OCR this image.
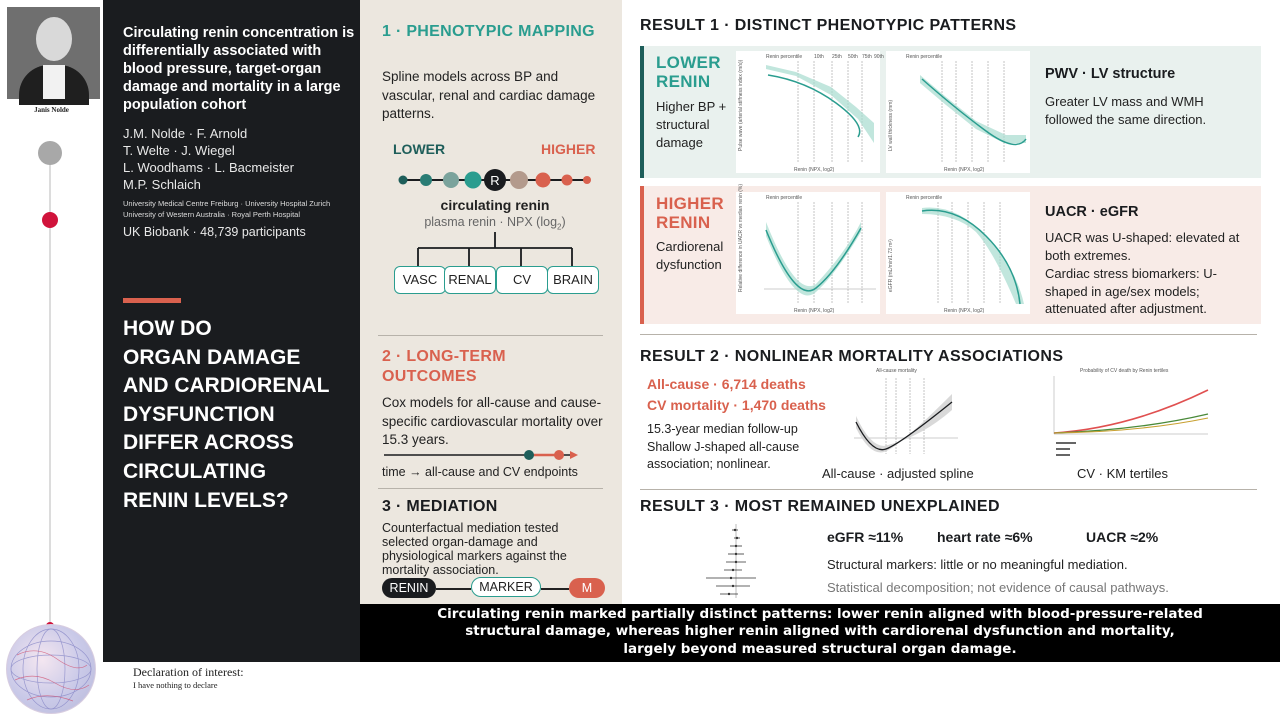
Janis Nolde
Circulating renin concentration is differentially associated with blood pressure, target-organ damage and mortality in a large population cohort
J.M. Nolde · F. Arnold
T. Welte · J. Wiegel
L. Woodhams · L. Bacmeister
M.P. Schlaich
University Medical Centre Freiburg · University Hospital Zurich
University of Western Australia · Royal Perth Hospital
UK Biobank · 48,739 participants
HOW DO
ORGAN DAMAGE
AND CARDIORENAL
DYSFUNCTION
DIFFER ACROSS
CIRCULATING
RENIN LEVELS?
1 · PHENOTYPIC MAPPING
Spline models across BP and vascular, renal and cardiac damage patterns.
LOWER	HIGHER
R
circulating renin
plasma renin · NPX $(\log_2)$
VASC RENAL	CV	BRAIN
2 · LONG-TERM OUTCOMES
Cox models for all-cause and cause-specific cardiovascular mortality over 15.3 years.
time → all-cause and CV endpoints
3 · MEDIATION
Counterfactual mediation tested selected organ-damage and physiological markers against the mortality association.
RENIN	MARKER	M
RESULT 1 · DISTINCT PHENOTYPIC PATTERNS
LOWER
RENIN
Higher BP + structural damage
HIGHER
RENIN
Cardiorenal dysfunction
Renin percentile 10th 25th 50th 75th 90th
Pulse wave (arterial stiffness index (m/s))
Renin (NPX, log2)
Renin percentile
LV wall thickness (mm)
Renin (NPX, log2)
Renin percentile
Relative difference in UACR vs median renin (%)
Renin (NPX, log2)
Renin percentile
eGFR (mL/min/1.73 m²)
Renin (NPX, log2)
PWV · LV structure
Greater LV mass and WMH followed the same direction.
UACR · eGFR
UACR was U-shaped: elevated at both extremes.
Cardiac stress biomarkers: U-shaped in age/sex models; attenuated after adjustment.
RESULT 2 · NONLINEAR MORTALITY ASSOCIATIONS
All-cause · 6,714 deaths
CV mortality · 1,470 deaths
15.3-year median follow-up Shallow J-shaped all-cause association; nonlinear.
All-cause mortality	Probability of CV death by Renin tertiles
All-cause · adjusted spline	CV · KM tertiles
RESULT 3 · MOST REMAINED UNEXPLAINED
eGFR ≈11% heart rate ≈6%	UACR ≈2%
Structural markers: little or no meaningful mediation.
Statistical decomposition; not evidence of causal pathways.
Circulating renin marked partially distinct patterns: lower renin aligned with blood-pressure-related
structural damage, whereas higher renin aligned with cardiorenal dysfunction and mortality,
largely beyond measured structural organ damage.
Declaration of interest:
I have nothing to declare
